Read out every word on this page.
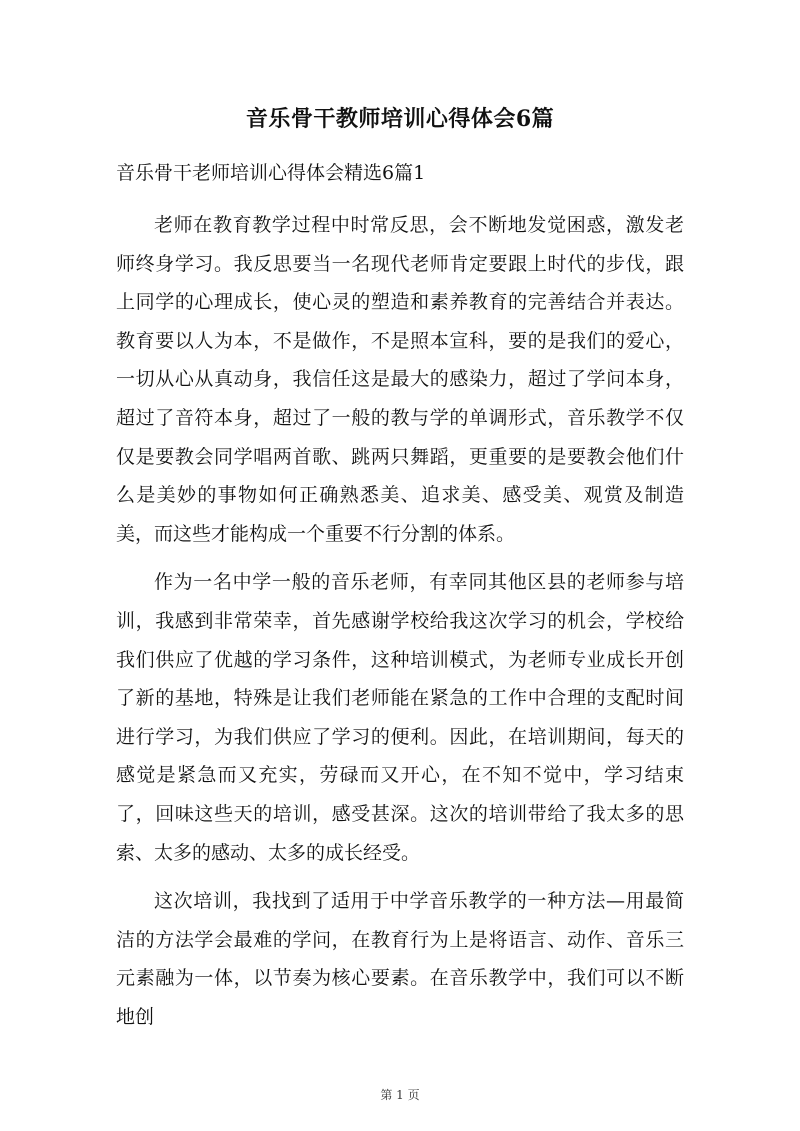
音乐骨干教师培训心得体会6篇
音乐骨干老师培训心得体会精选6篇1

老师在教育教学过程中时常反思，会不断地发觉困惑，激发老师终身学习。我反思要当一名现代老师肯定要跟上时代的步伐，跟上同学的心理成长，使心灵的塑造和素养教育的完善结合并表达。教育要以人为本，不是做作，不是照本宣科，要的是我们的爱心，一切从心从真动身，我信任这是最大的感染力，超过了学问本身，超过了音符本身，超过了一般的教与学的单调形式，音乐教学不仅仅是要教会同学唱两首歌、跳两只舞蹈，更重要的是要教会他们什么是美妙的事物如何正确熟悉美、追求美、感受美、观赏及制造美，而这些才能构成一个重要不行分割的体系。

作为一名中学一般的音乐老师，有幸同其他区县的老师参与培训，我感到非常荣幸，首先感谢学校给我这次学习的机会，学校给我们供应了优越的学习条件，这种培训模式，为老师专业成长开创了新的基地，特殊是让我们老师能在紧急的工作中合理的支配时间进行学习，为我们供应了学习的便利。因此，在培训期间，每天的感觉是紧急而又充实，劳碌而又开心，在不知不觉中，学习结束了，回味这些天的培训，感受甚深。这次的培训带给了我太多的思索、太多的感动、太多的成长经受。

这次培训，我找到了适用于中学音乐教学的一种方法—用最简洁的方法学会最难的学问，在教育行为上是将语言、动作、音乐三元素融为一体，以节奏为核心要素。在音乐教学中，我们可以不断地创

第 1 页
